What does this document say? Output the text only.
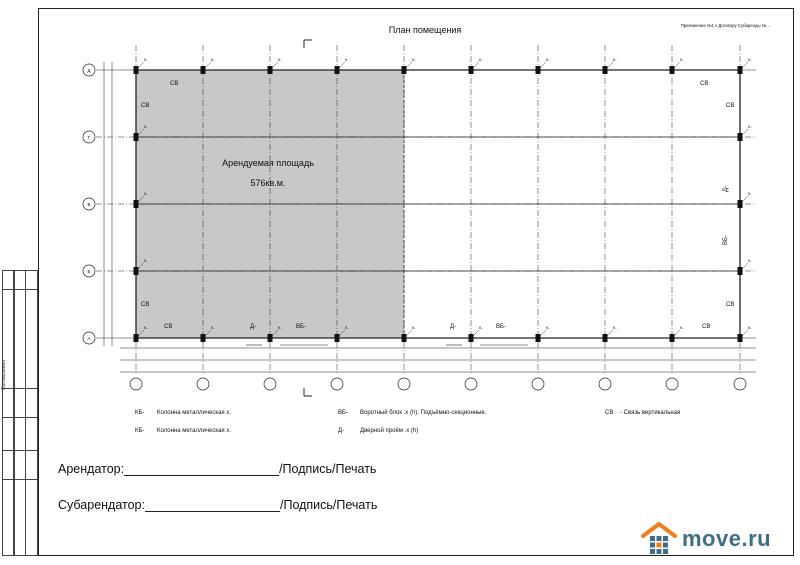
Согласовано
План помещения	Приложение №1 к Договору Субаренды №...
Д
Г
В
Б
А
К-
К-
К-
К-
К-
К-
К-
К-
К-
К-
К-
К-
К-
К-
К-
К-
К-
К-
К-
К-
К-	К-
К-	К-
К-	К-
СВ
СВ	СВ
СВ
СВ
СВ
СВ
СВ
Д-	Д-
Д-
ВБ-	ВБ-
ВБ-
Арендуемая площадь
576кв.м.
КБ- Колонна металлическая х.
КБ- Колонна металлическая х.
ВБ- Воротный блок .х (h). Подъёмно-секционные.
Д-	Дверной проём .х (h)
СВ - Связь вертикальная
Арендатор:	/Подпись/Печать
Субарендатор:	/Подпись/Печать
move.ru
